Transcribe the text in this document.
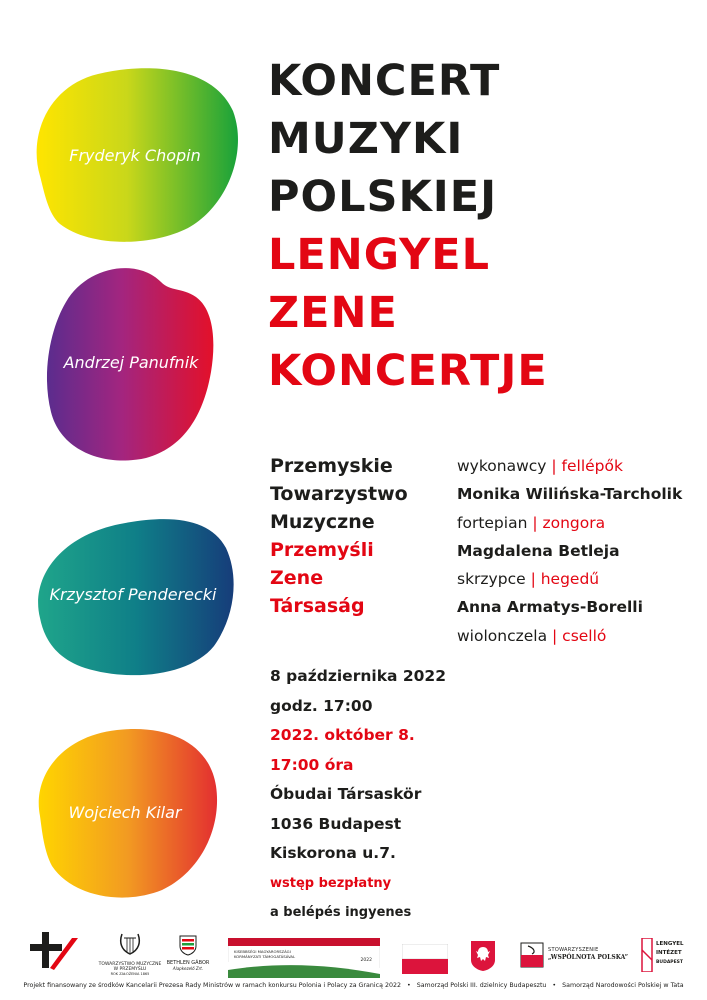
Fryderyk Chopin
Andrzej Panufnik
Krzysztof Penderecki
Wojciech Kilar
KONCERT
MUZYKI
POLSKIEJ
LENGYEL
ZENE
KONCERTJE
Przemyskie
Towarzystwo
Muzyczne
Przemyśli
Zene
Társaság
wykonawcy | fellépők
Monika Wilińska-Tarcholik
fortepian | zongora
Magdalena Betleja
skrzypce | hegedű
Anna Armatys-Borelli
wiolonczela | cselló
8 października 2022
godz. 17:00
2022. október 8.
17:00 óra
Óbudai Társaskör
1036 Budapest
Kiskorona u.7.
wstęp bezpłatny
a belépés ingyenes
TOWARZYSTWO MUZYCZNE
W PRZEMYŚLU
ROK ZAŁOŻENIA 1865
BETHLEN GÁBOR
Alapkezelő Zrt.
KISEBBSÉGI MAGYARORSZÁGI
KORMÁNYZATI TÁMOGATÁSÁVAL
2022
STOWARZYSZENIE
„WSPÓLNOTA POLSKA”
LENGYEL
INTÉZET
BUDAPEST
Projekt finansowany ze środków Kancelarii Prezesa Rady Ministrów w ramach konkursu Polonia i Polacy za Granicą 2022 • Samorząd Polski III. dzielnicy Budapesztu • Samorząd Narodowości Polskiej w Tata
